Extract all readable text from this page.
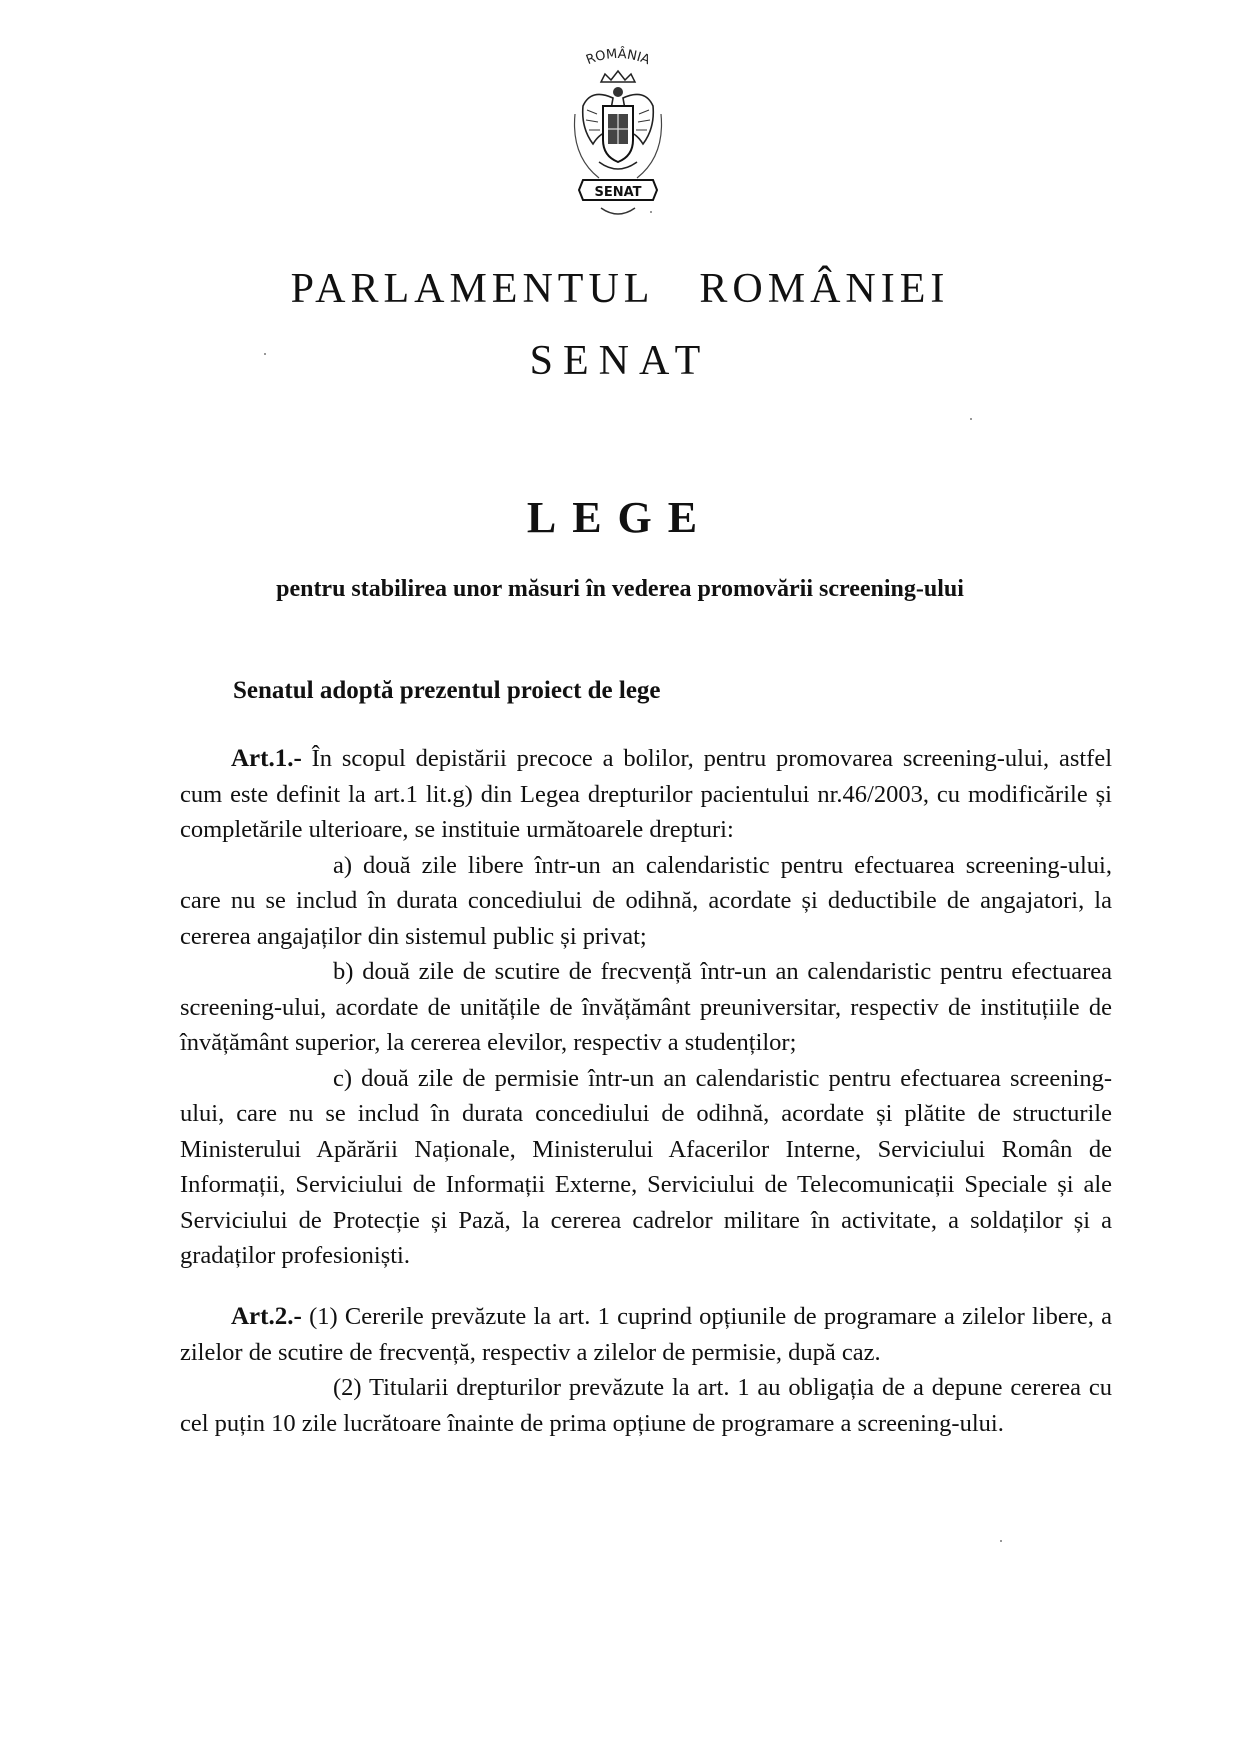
ROMÂNIA
SENAT
PARLAMENTUL   ROMÂNIEI
SENAT
LEGE
pentru stabilirea unor măsuri în vederea promovării screening-ului
Senatul adoptă prezentul proiect de lege

Art.1.- În scopul depistării precoce a bolilor, pentru promovarea screening-ului, astfel cum este definit la art.1 lit.g) din Legea drepturilor pacientului nr.46/2003, cu modificările și completările ulterioare, se instituie următoarele drepturi:

a) două zile libere într-un an calendaristic pentru efectuarea screening-ului, care nu se includ în durata concediului de odihnă, acordate și deductibile de angajatori, la cererea angajaților din sistemul public și privat;

b) două zile de scutire de frecvență într-un an calendaristic pentru efectuarea screening-ului, acordate de unitățile de învățământ preuniversitar, respectiv de instituțiile de învățământ superior, la cererea elevilor, respectiv a studenților;

c) două zile de permisie într-un an calendaristic pentru efectuarea screening-ului, care nu se includ în durata concediului de odihnă, acordate și plătite de structurile Ministerului Apărării Naționale, Ministerului Afacerilor Interne, Serviciului Român de Informații, Serviciului de Informații Externe, Serviciului de Telecomunicații Speciale și ale Serviciului de Protecție și Pază, la cererea cadrelor militare în activitate, a soldaților și a gradaților profesioniști.

Art.2.- (1) Cererile prevăzute la art. 1 cuprind opțiunile de programare a zilelor libere, a zilelor de scutire de frecvență, respectiv a zilelor de permisie, după caz.

(2) Titularii drepturilor prevăzute la art. 1 au obligația de a depune cererea cu cel puțin 10 zile lucrătoare înainte de prima opțiune de programare a screening-ului.
